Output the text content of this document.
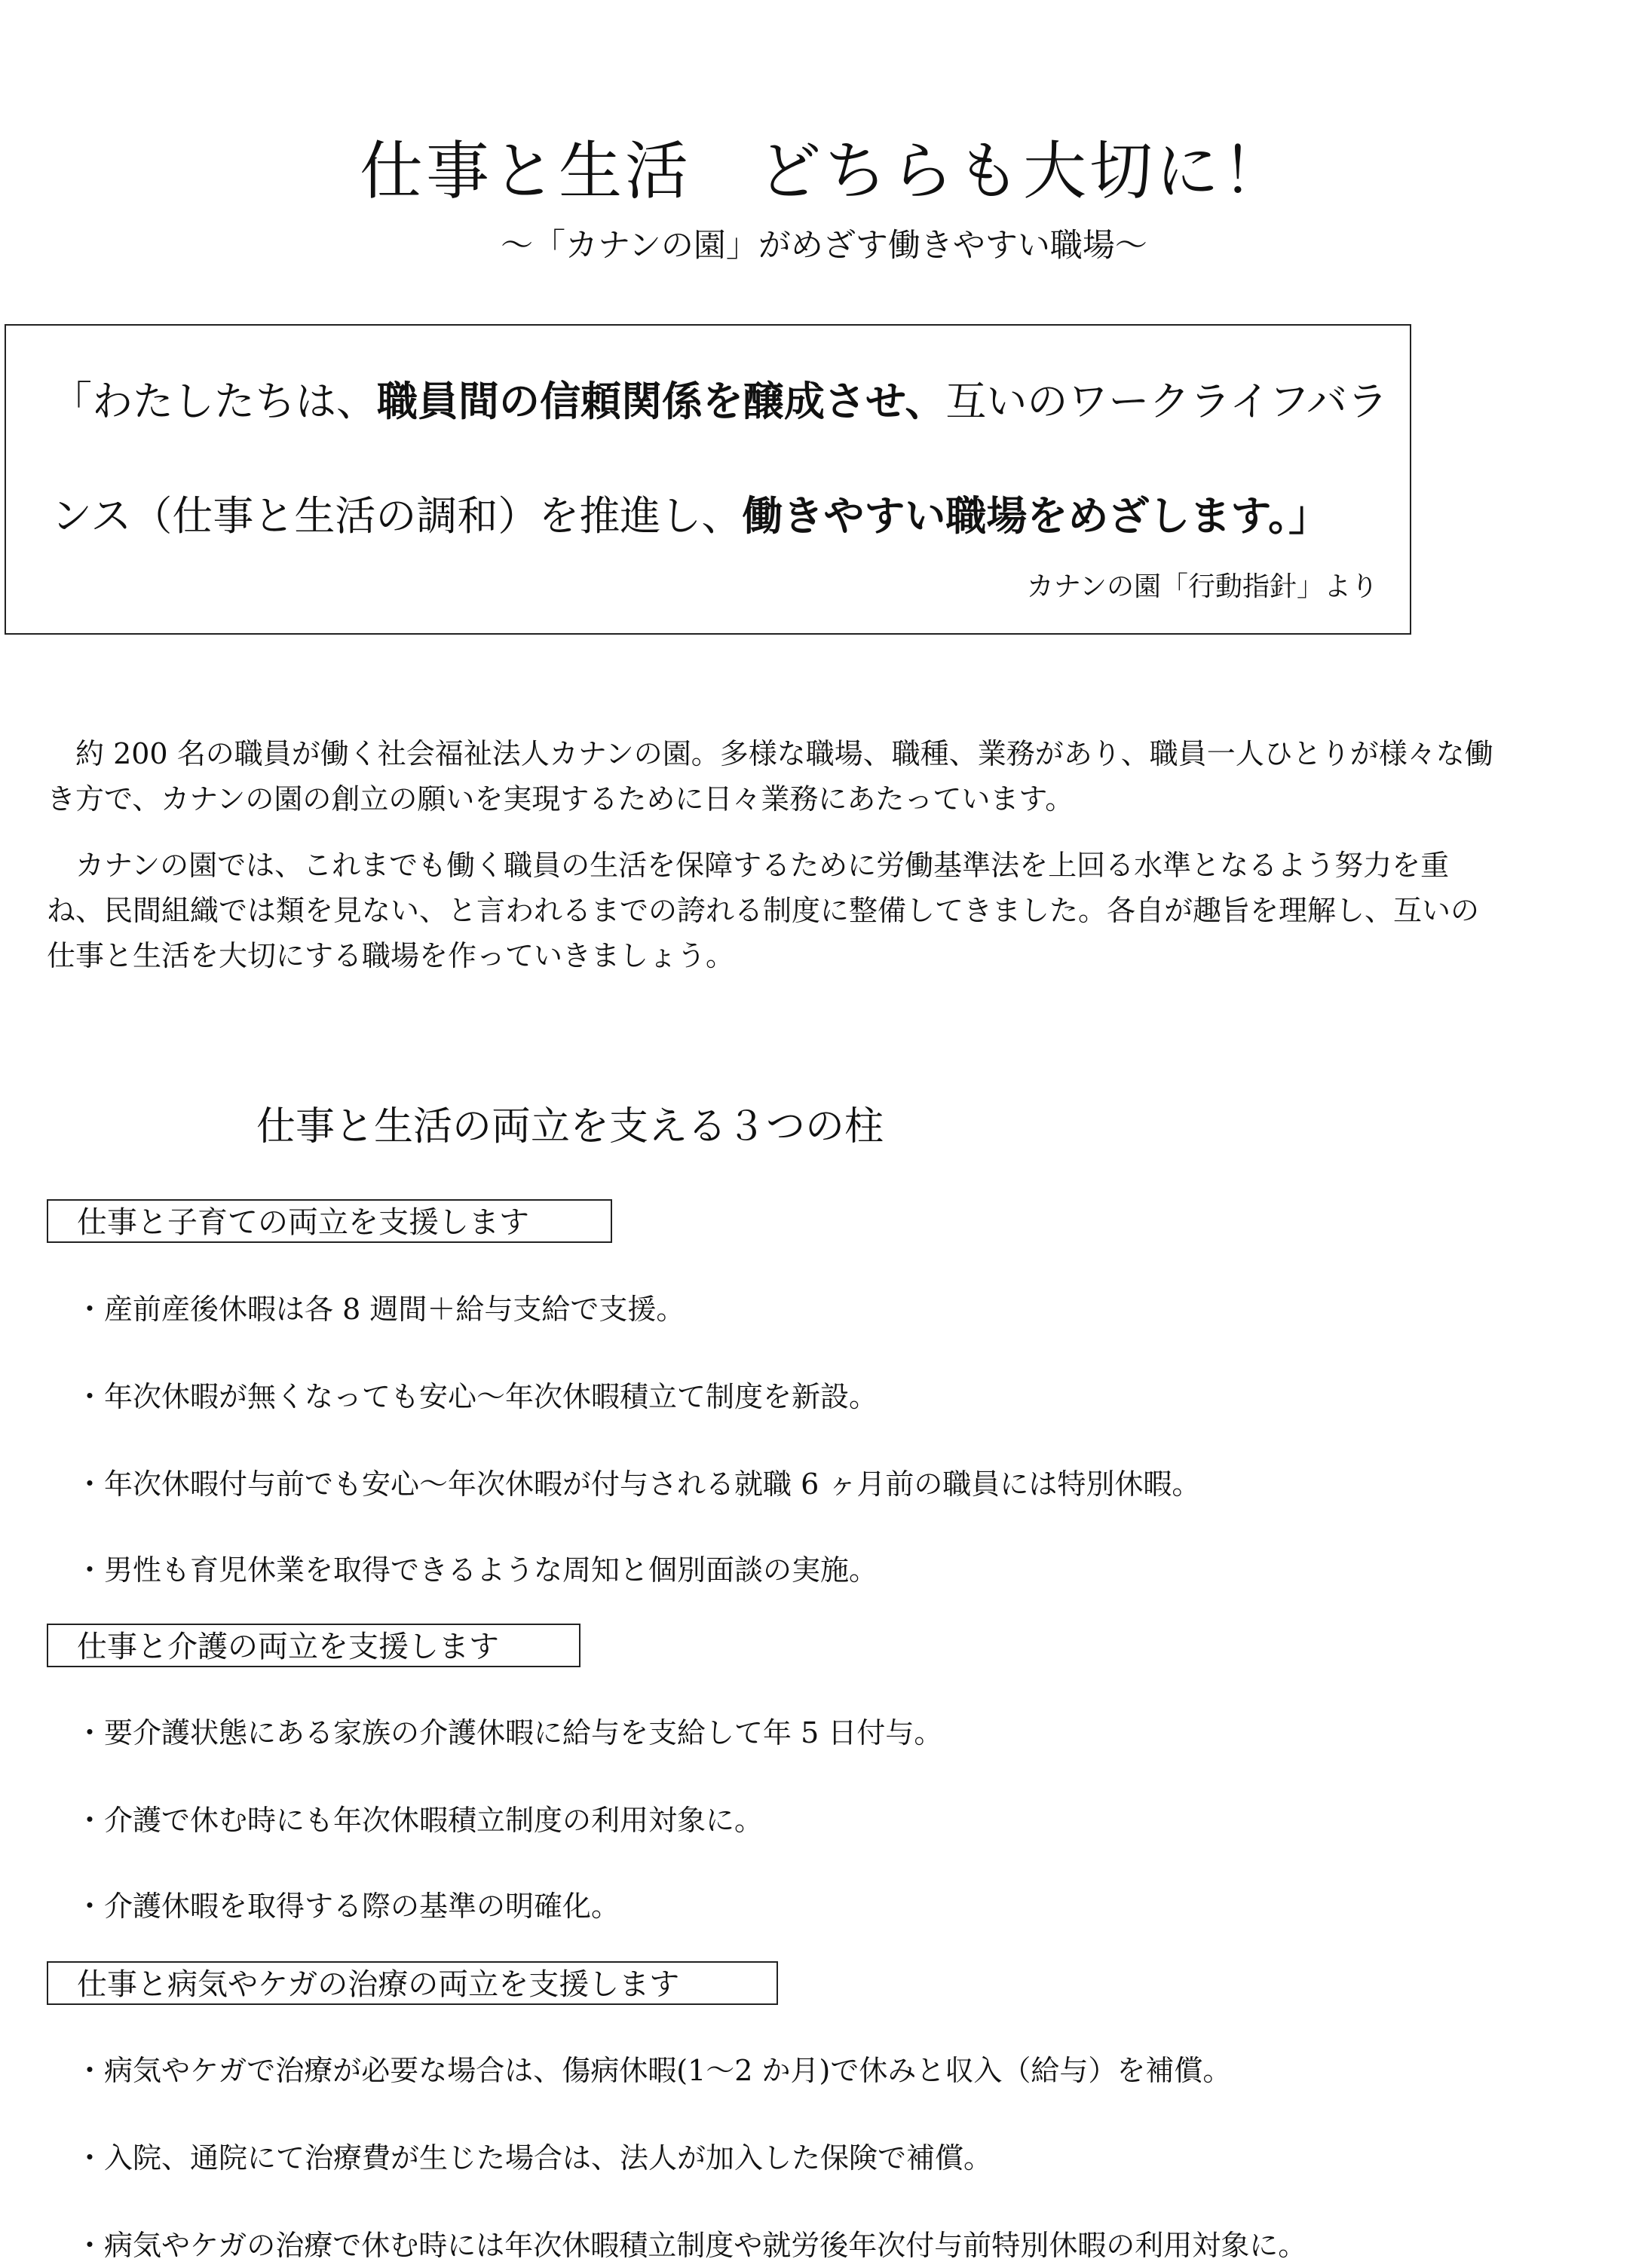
仕事と生活　どちらも大切に！
～「カナンの園」がめざす働きやすい職場～
「わたしたちは、職員間の信頼関係を醸成させ、互いのワークライフバラ
ンス（仕事と生活の調和）を推進し、働きやすい職場をめざします。」
カナンの園「行動指針」より
　約 200 名の職員が働く社会福祉法人カナンの園。多様な職場、職種、業務があり、職員一人ひとりが様々な働き方で、カナンの園の創立の願いを実現するために日々業務にあたっています。
　カナンの園では、これまでも働く職員の生活を保障するために労働基準法を上回る水準となるよう努力を重ね、民間組織では類を見ない、と言われるまでの誇れる制度に整備してきました。各自が趣旨を理解し、互いの仕事と生活を大切にする職場を作っていきましょう。
仕事と生活の両立を支える３つの柱
仕事と子育ての両立を支援します
・産前産後休暇は各 8 週間＋給与支給で支援。
・年次休暇が無くなっても安心～年次休暇積立て制度を新設。
・年次休暇付与前でも安心～年次休暇が付与される就職 6 ヶ月前の職員には特別休暇。
・男性も育児休業を取得できるような周知と個別面談の実施。
仕事と介護の両立を支援します
・要介護状態にある家族の介護休暇に給与を支給して年 5 日付与。
・介護で休む時にも年次休暇積立制度の利用対象に。
・介護休暇を取得する際の基準の明確化。
仕事と病気やケガの治療の両立を支援します
・病気やケガで治療が必要な場合は、傷病休暇(1～2 か月)で休みと収入（給与）を補償。
・入院、通院にて治療費が生じた場合は、法人が加入した保険で補償。
・病気やケガの治療で休む時には年次休暇積立制度や就労後年次付与前特別休暇の利用対象に。
